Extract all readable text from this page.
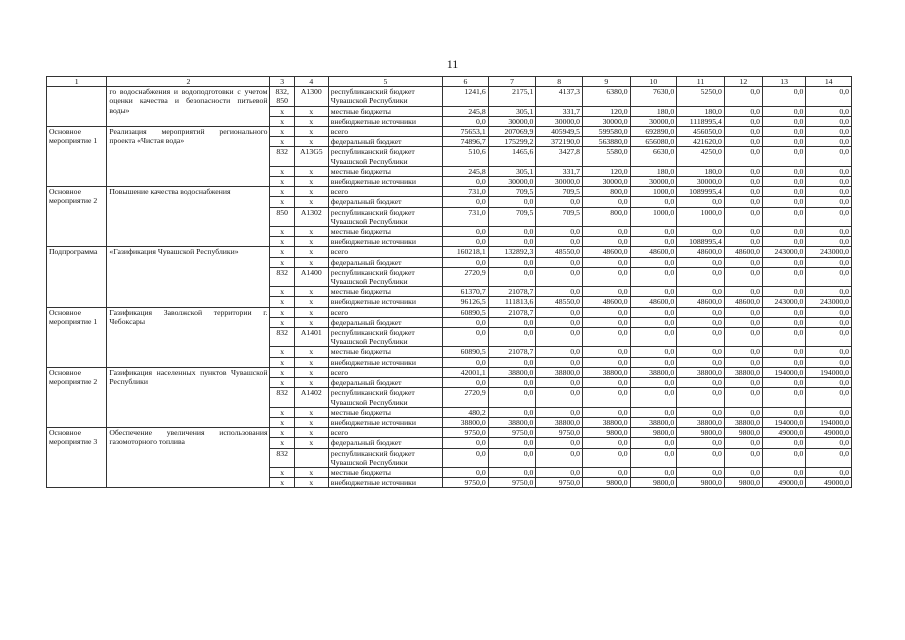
11
1	2	3	4	5	6	7	8	9	10	11	12	13	14
	го водоснабжения и водоподготовки с учетом оценки качества и безопасности питьевой воды»	832, 850	А1300	республиканский бюджет Чувашской Республики	1241,6	2175,1	4137,3	6380,0	7630,0	5250,0	0,0	0,0	0,0
		x	x	местные бюджеты	245,8	305,1	331,7	120,0	180,0	180,0	0,0	0,0	0,0
		x	x	внебюджетные источники	0,0	30000,0	30000,0	30000,0	30000,0	1118995,4	0,0	0,0	0,0
Основное мероприятие 1	Реализация мероприятий регионального проекта «Чистая вода»	x	x	всего	75653,1	207069,9	405949,5	599580,0	692890,0	456050,0	0,0	0,0	0,0
		x	x	федеральный бюджет	74896,7	175299,2	372190,0	563880,0	656080,0	421620,0	0,0	0,0	0,0
		832	А13G5	республиканский бюджет Чувашской Республики	510,6	1465,6	3427,8	5580,0	6630,0	4250,0	0,0	0,0	0,0
		x	x	местные бюджеты	245,8	305,1	331,7	120,0	180,0	180,0	0,0	0,0	0,0
		x	x	внебюджетные источники	0,0	30000,0	30000,0	30000,0	30000,0	30000,0	0,0	0,0	0,0
Основное мероприятие 2	Повышение качества водоснабжения	x	x	всего	731,0	709,5	709,5	800,0	1000,0	1089995,4	0,0	0,0	0,0
		x	x	федеральный бюджет	0,0	0,0	0,0	0,0	0,0	0,0	0,0	0,0	0,0
		850	А1302	республиканский бюджет Чувашской Республики	731,0	709,5	709,5	800,0	1000,0	1000,0	0,0	0,0	0,0
		x	x	местные бюджеты	0,0	0,0	0,0	0,0	0,0	0,0	0,0	0,0	0,0
		x	x	внебюджетные источники	0,0	0,0	0,0	0,0	0,0	1088995,4	0,0	0,0	0,0
Подпрограмма	«Газификация Чувашской Республики»	x	x	всего	160218,1	132892,3	48550,0	48600,0	48600,0	48600,0	48600,0	243000,0	243000,0
		x	x	федеральный бюджет	0,0	0,0	0,0	0,0	0,0	0,0	0,0	0,0	0,0
		832	А1400	республиканский бюджет Чувашской Республики	2720,9	0,0	0,0	0,0	0,0	0,0	0,0	0,0	0,0
		x	x	местные бюджеты	61370,7	21078,7	0,0	0,0	0,0	0,0	0,0	0,0	0,0
		x	x	внебюджетные источники	96126,5	111813,6	48550,0	48600,0	48600,0	48600,0	48600,0	243000,0	243000,0
Основное мероприятие 1	Газификация Заволжской территории г. Чебоксары	x	x	всего	60890,5	21078,7	0,0	0,0	0,0	0,0	0,0	0,0	0,0
		x	x	федеральный бюджет	0,0	0,0	0,0	0,0	0,0	0,0	0,0	0,0	0,0
		832	А1401	республиканский бюджет Чувашской Республики	0,0	0,0	0,0	0,0	0,0	0,0	0,0	0,0	0,0
		x	x	местные бюджеты	60890,5	21078,7	0,0	0,0	0,0	0,0	0,0	0,0	0,0
		x	x	внебюджетные источники	0,0	0,0	0,0	0,0	0,0	0,0	0,0	0,0	0,0
Основное мероприятие 2	Газификация населенных пунктов Чувашской Республики	x	x	всего	42001,1	38800,0	38800,0	38800,0	38800,0	38800,0	38800,0	194000,0	194000,0
		x	x	федеральный бюджет	0,0	0,0	0,0	0,0	0,0	0,0	0,0	0,0	0,0
		832	А1402	республиканский бюджет Чувашской Республики	2720,9	0,0	0,0	0,0	0,0	0,0	0,0	0,0	0,0
		x	x	местные бюджеты	480,2	0,0	0,0	0,0	0,0	0,0	0,0	0,0	0,0
		x	x	внебюджетные источники	38800,0	38800,0	38800,0	38800,0	38800,0	38800,0	38800,0	194000,0	194000,0
Основное мероприятие 3	Обеспечение увеличения использования газомоторного топлива	x	x	всего	9750,0	9750,0	9750,0	9800,0	9800,0	9800,0	9800,0	49000,0	49000,0
		x	x	федеральный бюджет	0,0	0,0	0,0	0,0	0,0	0,0	0,0	0,0	0,0
		832		республиканский бюджет Чувашской Республики	0,0	0,0	0,0	0,0	0,0	0,0	0,0	0,0	0,0
		x	x	местные бюджеты	0,0	0,0	0,0	0,0	0,0	0,0	0,0	0,0	0,0
		x	x	внебюджетные источники	9750,0	9750,0	9750,0	9800,0	9800,0	9800,0	9800,0	49000,0	49000,0
